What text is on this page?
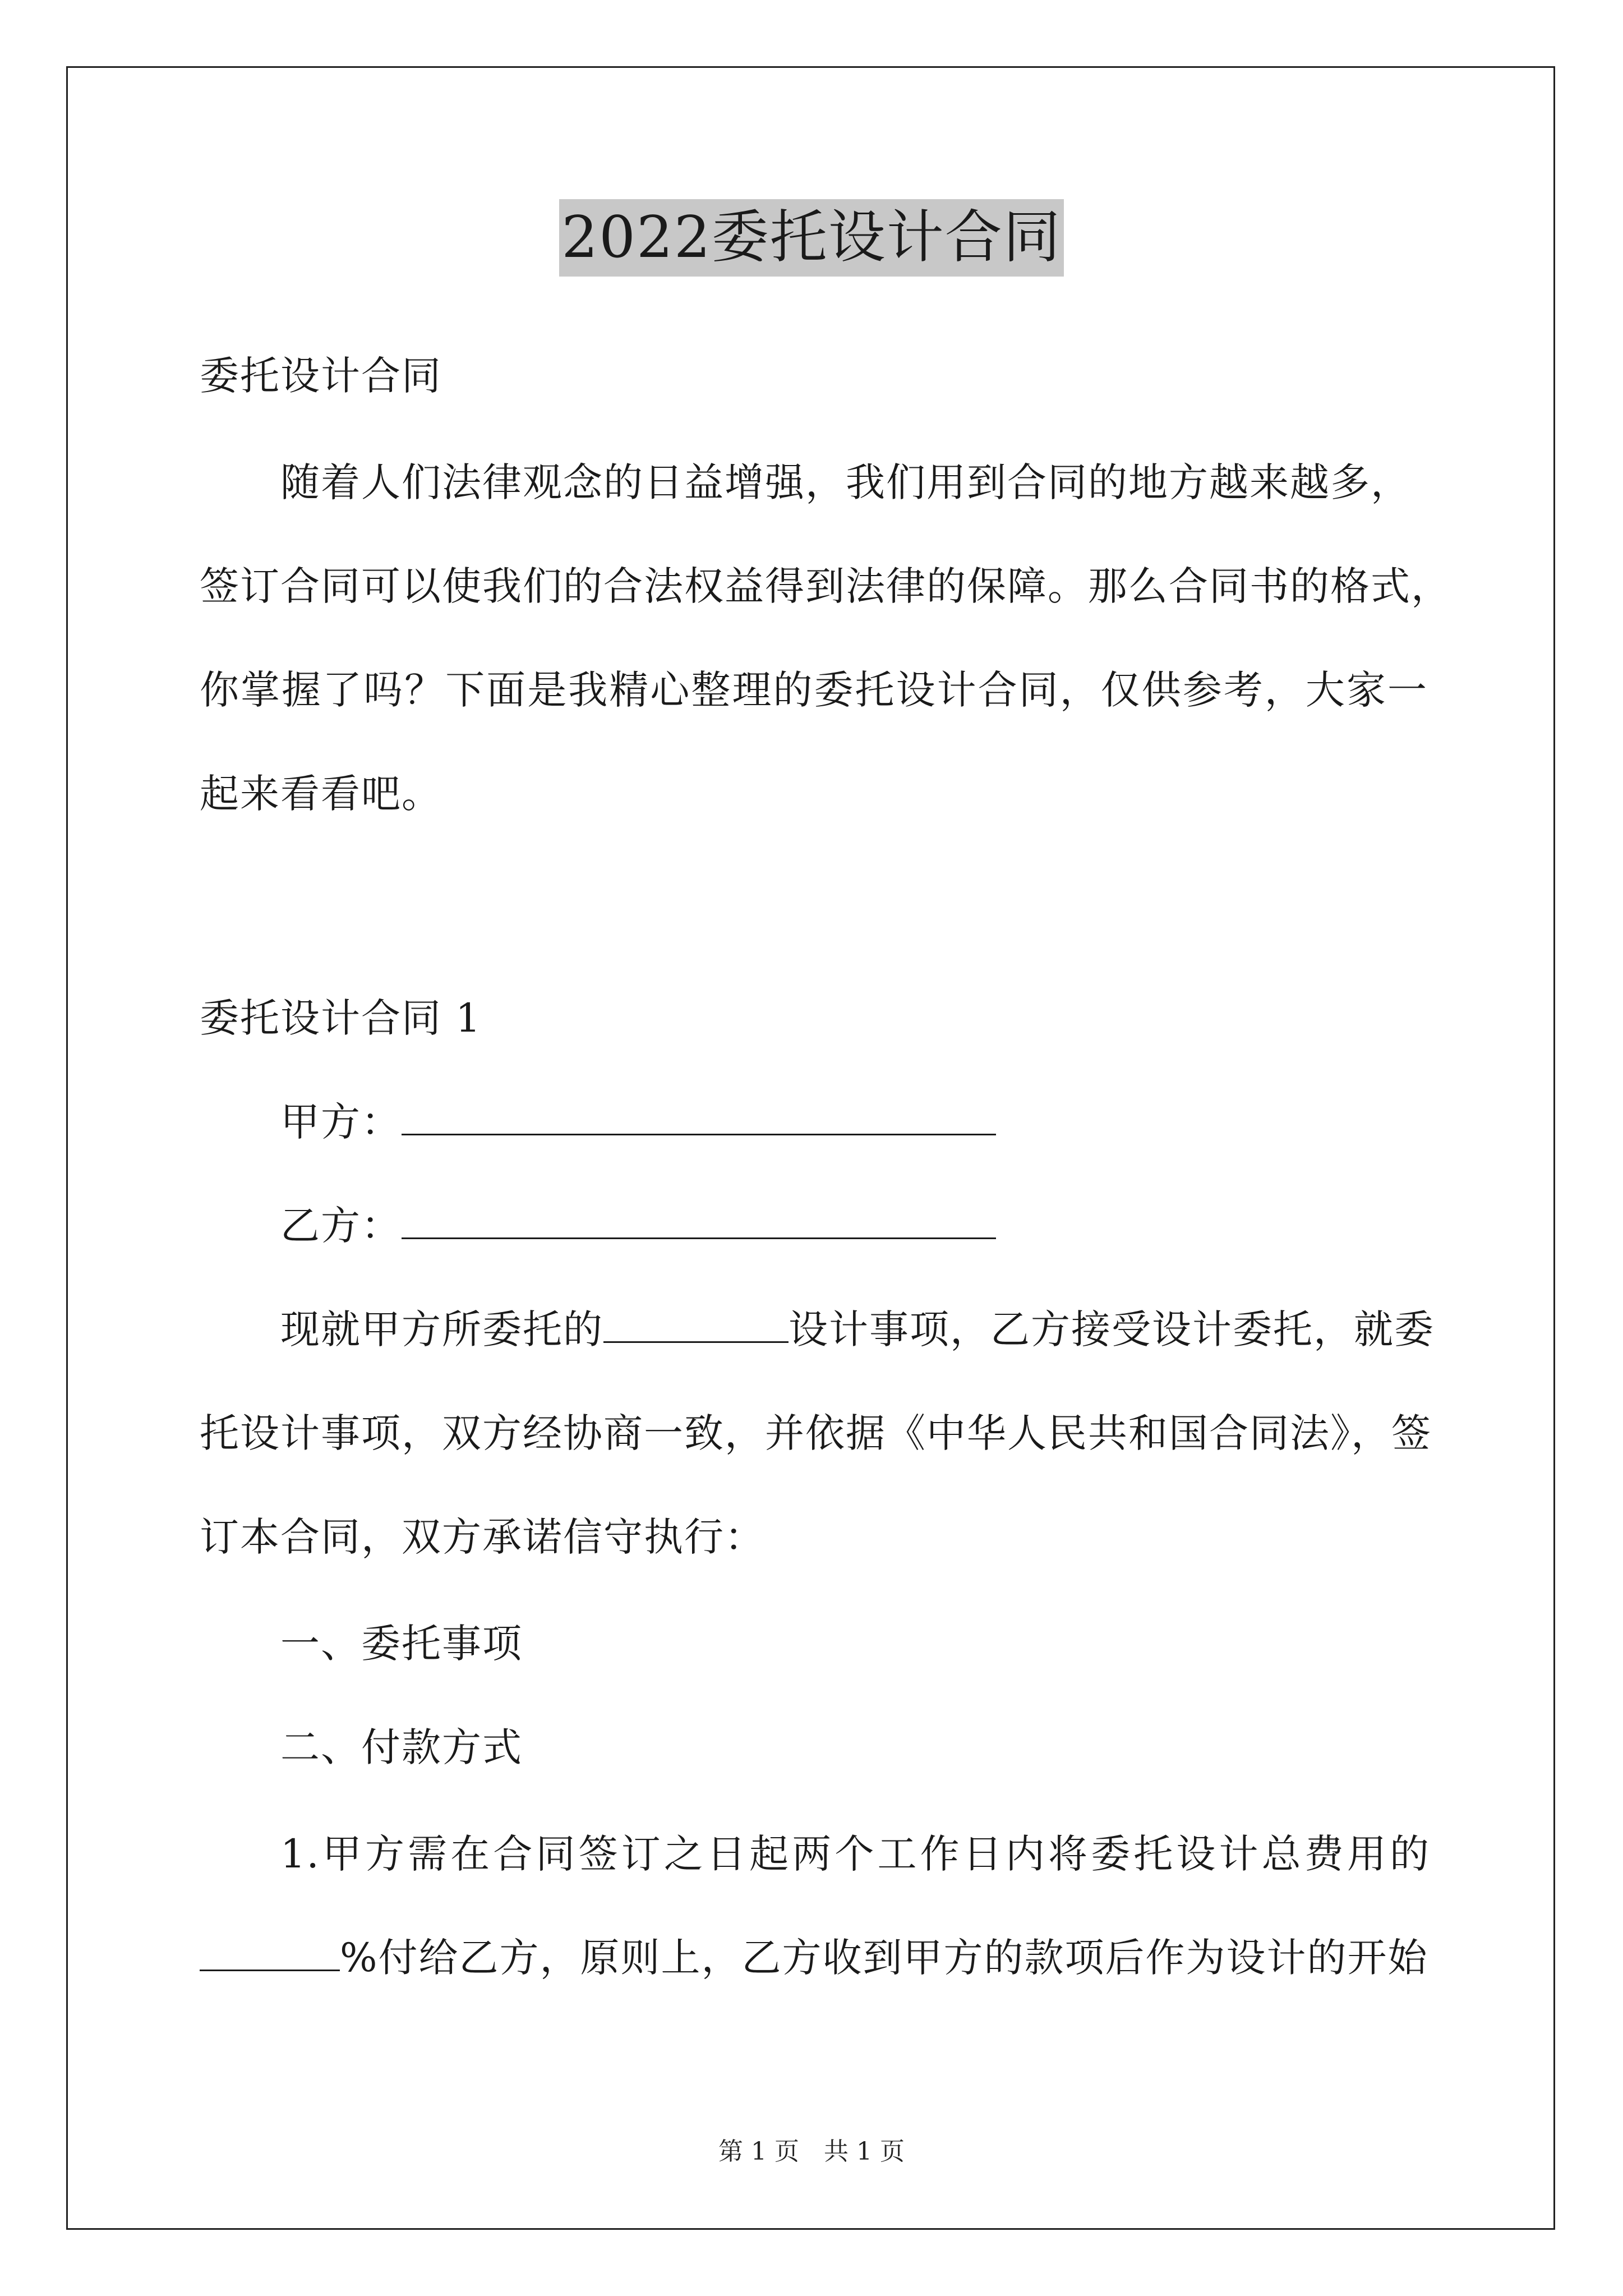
2022委托设计合同
委托设计合同
随着人们法律观念的日益增强，我们用到合同的地方越来越多，
签订合同可以使我们的合法权益得到法律的保障。那么合同书的格式，
你掌握了吗？下面是我精心整理的委托设计合同，仅供参考，大家一
起来看看吧。
委托设计合同 1
甲方：
乙方：
现就甲方所委托的	设计事项，乙方接受设计委托，就委
托设计事项，双方经协商一致，并依据《中华人民共和国合同法》，签
订本合同，双方承诺信守执行：
一、委托事项
二、付款方式
1.甲方需在合同签订之日起两个工作日内将委托设计总费用的
%付给乙方，原则上，乙方收到甲方的款项后作为设计的开始
第 1 页　共 1 页
